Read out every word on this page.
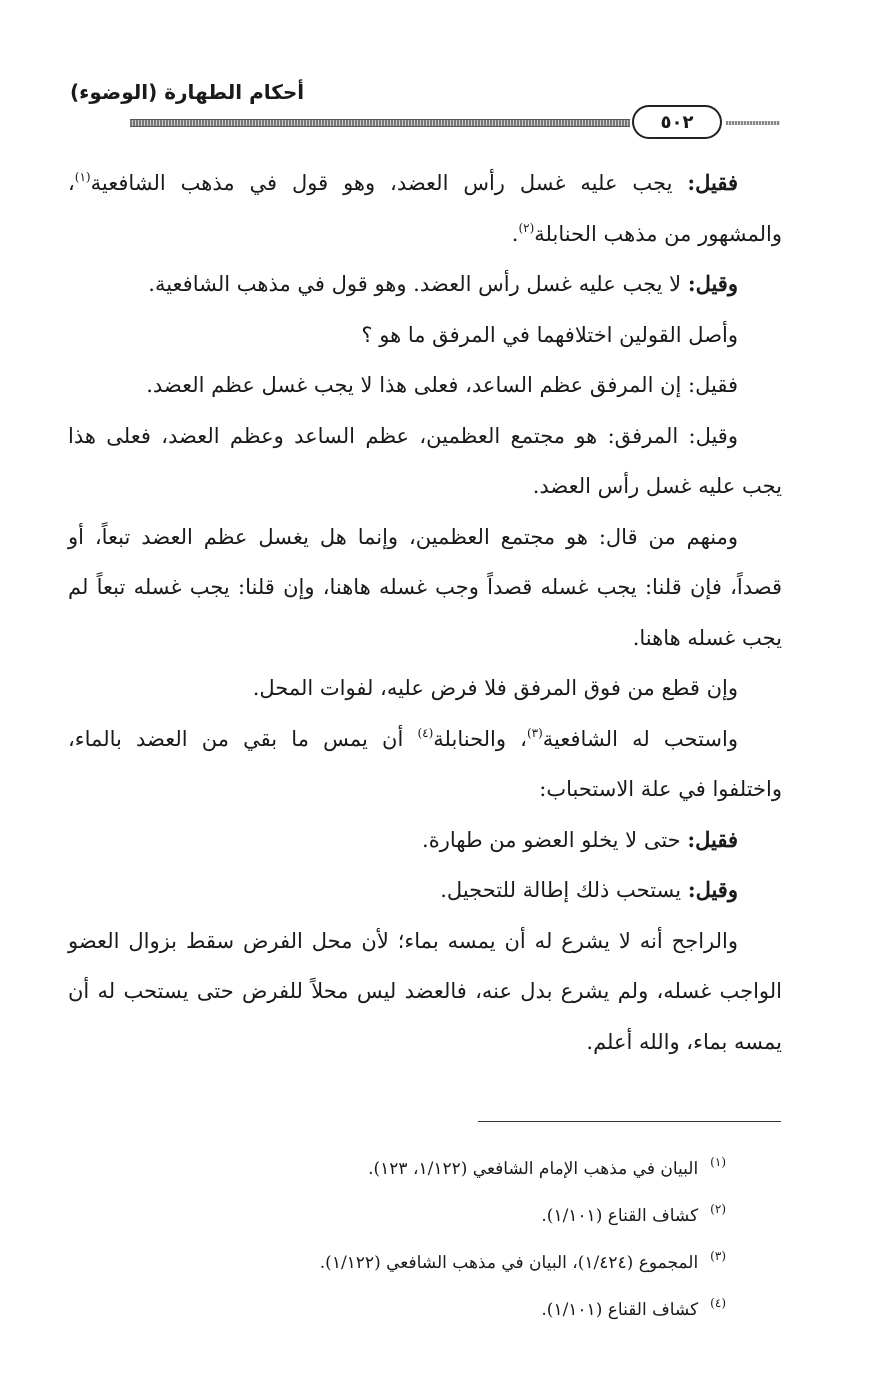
أحكام الطهارة (الوضوء)
٥٠٢

فقيل: يجب عليه غسل رأس العضد، وهو قول في مذهب الشافعية$^{(١)}$، والمشهور من مذهب الحنابلة$^{(٢)}$.

وقيل: لا يجب عليه غسل رأس العضد. وهو قول في مذهب الشافعية.

وأصل القولين اختلافهما في المرفق ما هو ؟

فقيل: إن المرفق عظم الساعد، فعلى هذا لا يجب غسل عظم العضد.

وقيل: المرفق: هو مجتمع العظمين، عظم الساعد وعظم العضد، فعلى هذا يجب عليه غسل رأس العضد.

ومنهم من قال: هو مجتمع العظمين، وإنما هل يغسل عظم العضد تبعاً، أو قصداً، فإن قلنا: يجب غسله قصداً وجب غسله هاهنا، وإن قلنا: يجب غسله تبعاً لم يجب غسله هاهنا.

وإن قطع من فوق المرفق فلا فرض عليه، لفوات المحل.

واستحب له الشافعية$^{(٣)}$، والحنابلة$^{(٤)}$ أن يمس ما بقي من العضد بالماء، واختلفوا في علة الاستحباب:

فقيل: حتى لا يخلو العضو من طهارة.

وقيل: يستحب ذلك إطالة للتحجيل.

والراجح أنه لا يشرع له أن يمسه بماء؛ لأن محل الفرض سقط بزوال العضو الواجب غسله، ولم يشرع بدل عنه، فالعضد ليس محلاً للفرض حتى يستحب له أن يمسه بماء، والله أعلم.

$^{(١)}$البيان في مذهب الإمام الشافعي (١/١٢٢، ١٢٣).

$^{(٢)}$كشاف القناع (١/١٠١).

$^{(٣)}$المجموع (١/٤٢٤)، البيان في مذهب الشافعي (١/١٢٢).

$^{(٤)}$كشاف القناع (١/١٠١).
